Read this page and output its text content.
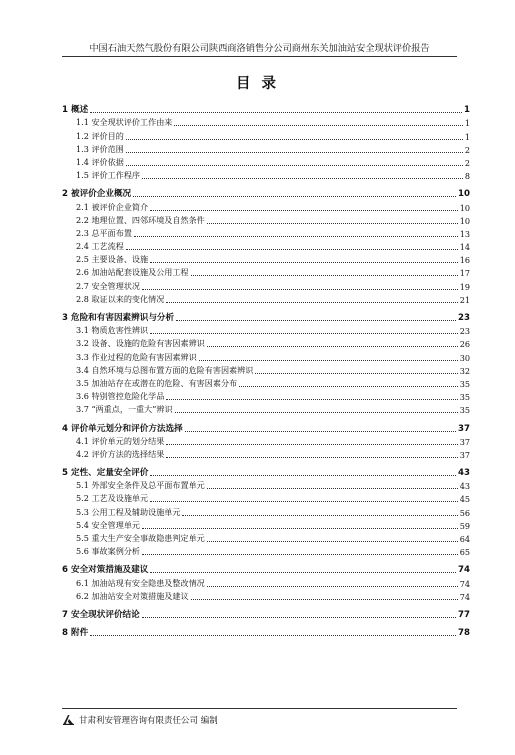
中国石油天然气股份有限公司陕西商洛销售分公司商州东关加油站安全现状评价报告
目 录
1 概述	1
1.1 安全现状评价工作由来	1
1.2 评价目的	1
1.3 评价范围	2
1.4 评价依据	2
1.5 评价工作程序	8
2 被评价企业概况	10
2.1 被评价企业简介	10
2.2 地理位置、四邻环境及自然条件	10
2.3 总平面布置	13
2.4 工艺流程	14
2.5 主要设备、设施	16
2.6 加油站配套设施及公用工程	17
2.7 安全管理状况	19
2.8 取证以来的变化情况	21
3 危险和有害因素辨识与分析	23
3.1 物质危害性辨识	23
3.2 设备、设施的危险有害因素辨识	26
3.3 作业过程的危险有害因素辨识	30
3.4 自然环境与总图布置方面的危险有害因素辨识	32
3.5 加油站存在或潜在的危险、有害因素分布	35
3.6 特别管控危险化学品	35
3.7 “两重点，一重大”辨识	35
4 评价单元划分和评价方法选择	37
4.1 评价单元的划分结果	37
4.2 评价方法的选择结果	37
5 定性、定量安全评价	43
5.1 外部安全条件及总平面布置单元	43
5.2 工艺及设施单元	45
5.3 公用工程及辅助设施单元	56
5.4 安全管理单元	59
5.5 重大生产安全事故隐患判定单元	64
5.6 事故案例分析	65
6 安全对策措施及建议	74
6.1 加油站现有安全隐患及整改情况	74
6.2 加油站安全对策措施及建议	74
7 安全现状评价结论	77
8 附件	78
甘肃利安管理咨询有限责任公司 编制
